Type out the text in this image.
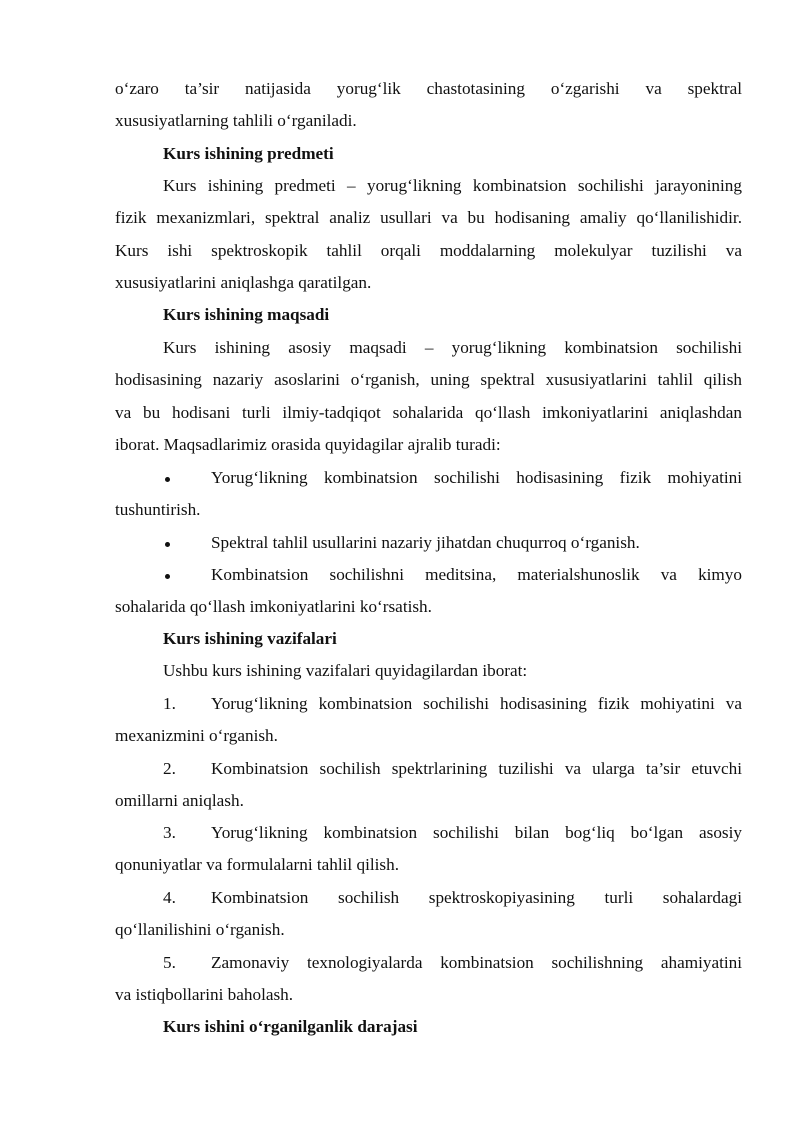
o‘zaro ta’sir natijasida yorug‘lik chastotasining o‘zgarishi va spektral
xususiyatlarning tahlili o‘rganiladi.
Kurs ishining predmeti
Kurs ishining predmeti – yorug‘likning kombinatsion sochilishi jarayonining
fizik mexanizmlari, spektral analiz usullari va bu hodisaning amaliy qo‘llanilishidir.
Kurs ishi spektroskopik tahlil orqali moddalarning molekulyar tuzilishi va
xususiyatlarini aniqlashga qaratilgan.
Kurs ishining maqsadi
Kurs ishining asosiy maqsadi – yorug‘likning kombinatsion sochilishi
hodisasining nazariy asoslarini o‘rganish, uning spektral xususiyatlarini tahlil qilish
va bu hodisani turli ilmiy-tadqiqot sohalarida qo‘llash imkoniyatlarini aniqlashdan
iborat. Maqsadlarimiz orasida quyidagilar ajralib turadi:
Yorug‘likning kombinatsion sochilishi hodisasining fizik mohiyatini
tushuntirish.
Spektral tahlil usullarini nazariy jihatdan chuqurroq o‘rganish.
Kombinatsion sochilishni meditsina, materialshunoslik va kimyo
sohalarida qo‘llash imkoniyatlarini ko‘rsatish.
Kurs ishining vazifalari
Ushbu kurs ishining vazifalari quyidagilardan iborat:
1. Yorug‘likning kombinatsion sochilishi hodisasining fizik mohiyatini va
mexanizmini o‘rganish.
2. Kombinatsion sochilish spektrlarining tuzilishi va ularga ta’sir etuvchi
omillarni aniqlash.
3. Yorug‘likning kombinatsion sochilishi bilan bog‘liq bo‘lgan asosiy
qonuniyatlar va formulalarni tahlil qilish.
4. Kombinatsion sochilish spektroskopiyasining turli sohalardagi
qo‘llanilishini o‘rganish.
5. Zamonaviy texnologiyalarda kombinatsion sochilishning ahamiyatini
va istiqbollarini baholash.
Kurs ishini o‘rganilganlik darajasi
